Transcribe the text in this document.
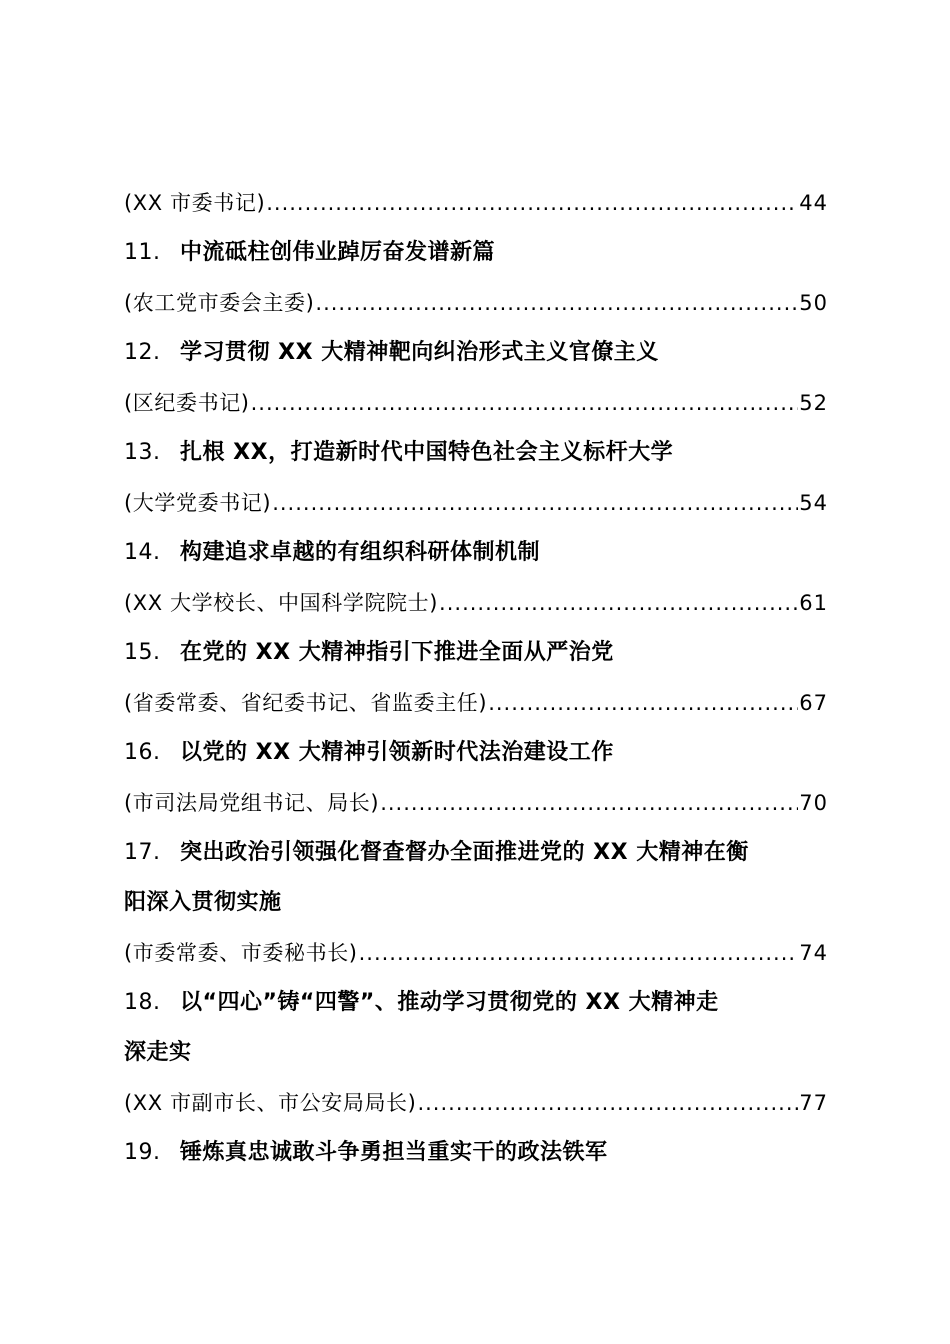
(XX 市委书记) .....	44
11. 中流砥柱创伟业踔厉奋发谱新篇
(农工党市委会主委) .....	50
12. 学习贯彻 XX 大精神靶向纠治形式主义官僚主义
(区纪委书记) .....	52
13. 扎根 XX，打造新时代中国特色社会主义标杆大学
(大学党委书记) .....	54
14. 构建追求卓越的有组织科研体制机制
(XX 大学校长、中国科学院院士) .....	61
15. 在党的 XX 大精神指引下推进全面从严治党
(省委常委、省纪委书记、省监委主任) .....	67
16. 以党的 XX 大精神引领新时代法治建设工作
(市司法局党组书记、局长) .....	70
17. 突出政治引领强化督查督办全面推进党的 XX 大精神在衡
阳深入贯彻实施
(市委常委、市委秘书长) .....	74
18. 以“四心”铸“四警”、推动学习贯彻党的 XX 大精神走
深走实
(XX 市副市长、市公安局局长) .....	77
19. 锤炼真忠诚敢斗争勇担当重实干的政法铁军
